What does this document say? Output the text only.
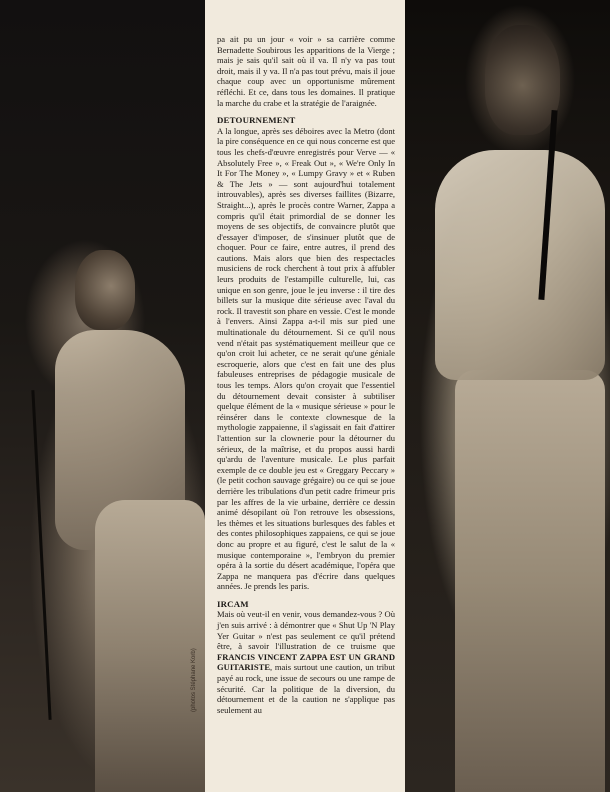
(photos Stéphane Korb)

pa ait pu un jour « voir » sa carrière comme Bernadette Soubirous les apparitions de la Vierge ; mais je sais qu'il sait où il va. Il n'y va pas tout droit, mais il y va. Il n'a pas tout prévu, mais il joue chaque coup avec un opportunisme mûrement réfléchi. Et ce, dans tous les domaines. Il pratique la marche du crabe et la stratégie de l'araignée.

DETOURNEMENT

A la longue, après ses déboires avec la Metro (dont la pire conséquence en ce qui nous concerne est que tous les chefs-d'œuvre enregistrés pour Verve — « Absolutely Free », « Freak Out », « We're Only In It For The Money », « Lumpy Gravy » et « Ruben & The Jets » — sont aujourd'hui totalement introuvables), après ses diverses faillites (Bizarre, Straight...), après le procès contre Warner, Zappa a compris qu'il était primordial de se donner les moyens de ses objectifs, de convaincre plutôt que d'essayer d'imposer, de s'insinuer plutôt que de choquer. Pour ce faire, entre autres, il prend des cautions. Mais alors que bien des respectacles musiciens de rock cherchent à tout prix à affubler leurs produits de l'estampille culturelle, lui, cas unique en son genre, joue le jeu inverse : il tire des billets sur la musique dite sérieuse avec l'aval du rock. Il travestit son phare en vessie. C'est le monde à l'envers. Ainsi Zappa a-t-il mis sur pied une multinationale du détournement. Si ce qu'il nous vend n'était pas systématiquement meilleur que ce qu'on croit lui acheter, ce ne serait qu'une géniale escroquerie, alors que c'est en fait une des plus fabuleuses entreprises de pédagogie musicale de tous les temps. Alors qu'on croyait que l'essentiel du détournement devait consister à subtiliser quelque élément de la « musique sérieuse » pour le réinsérer dans le contexte clownesque de la mythologie zappaienne, il s'agissait en fait d'attirer l'attention sur la clownerie pour la détourner du sérieux, de la maîtrise, et du propos aussi hardi qu'ardu de l'aventure musicale. Le plus parfait exemple de ce double jeu est « Greggary Peccary » (le petit cochon sauvage grégaire) ou ce qui se joue derrière les tribulations d'un petit cadre frimeur pris par les affres de la vie urbaine, derrière ce dessin animé désopilant où l'on retrouve les obsessions, les thèmes et les situations burlesques des fables et des contes philosophiques zappaiens, ce qui se joue donc au propre et au figuré, c'est le salut de la « musique contemporaine », l'embryon du premier opéra à la sortie du désert académique, l'opéra que Zappa ne manquera pas d'écrire dans quelques années. Je prends les paris.

IRCAM

Mais où veut-il en venir, vous demandez-vous ? Où j'en suis arrivé : à démontrer que « Shut Up 'N Play Yer Guitar » n'est pas seulement ce qu'il prétend être, à savoir l'illustration de ce truisme que FRANCIS VINCENT ZAPPA EST UN GRAND GUITARISTE, mais surtout une caution, un tribut payé au rock, une issue de secours ou une rampe de sécurité. Car la politique de la diversion, du détournement et de la caution ne s'applique pas seulement au
